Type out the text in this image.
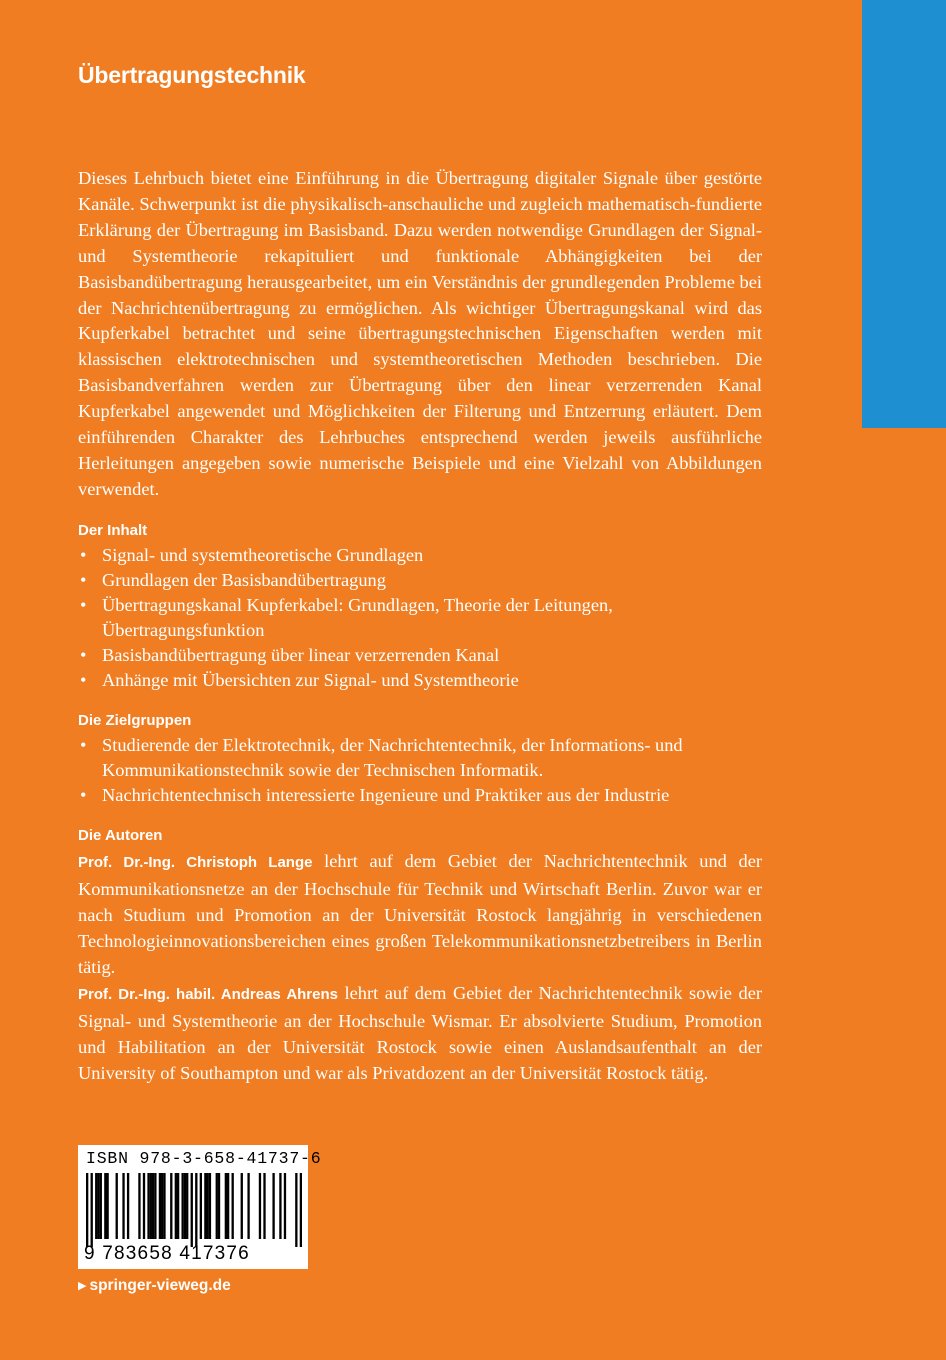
Übertragungstechnik

Dieses Lehrbuch bietet eine Einführung in die Übertragung digitaler Signale über gestörte Kanäle. Schwerpunkt ist die physikalisch-anschauliche und zugleich mathematisch-fundierte Erklärung der Übertragung im Basisband. Dazu werden notwendige Grundlagen der Signal- und Systemtheorie rekapituliert und funktionale Abhängigkeiten bei der Basisbandübertragung herausgearbeitet, um ein Verständnis der grundlegenden Probleme bei der Nachrichtenübertragung zu ermöglichen. Als wichtiger Übertragungskanal wird das Kupferkabel betrachtet und seine übertragungstechnischen Eigenschaften werden mit klassischen elektrotechnischen und systemtheoretischen Methoden beschrieben. Die Basisbandverfahren werden zur Übertragung über den linear verzerrenden Kanal Kupferkabel angewendet und Möglichkeiten der Filterung und Entzerrung erläutert. Dem einführenden Charakter des Lehrbuches entsprechend werden jeweils ausführliche Herleitungen angegeben sowie numerische Beispiele und eine Vielzahl von Abbildungen verwendet.

Der Inhalt
• Signal- und systemtheoretische Grundlagen
• Grundlagen der Basisbandübertragung
• Übertragungskanal Kupferkabel: Grundlagen, Theorie der Leitungen, Übertragungsfunktion
• Basisbandübertragung über linear verzerrenden Kanal
• Anhänge mit Übersichten zur Signal- und Systemtheorie
Die Zielgruppen
• Studierende der Elektrotechnik, der Nachrichtentechnik, der Informations- und Kommunikationstechnik sowie der Technischen Informatik.
• Nachrichtentechnisch interessierte Ingenieure und Praktiker aus der Industrie
Die Autoren

Prof. Dr.-Ing. Christoph Lange lehrt auf dem Gebiet der Nachrichtentechnik und der Kommunikationsnetze an der Hochschule für Technik und Wirtschaft Berlin. Zuvor war er nach Studium und Promotion an der Universität Rostock langjährig in verschiedenen Technologieinnovationsbereichen eines großen Telekommunikationsnetzbetreibers in Berlin tätig.

Prof. Dr.-Ing. habil. Andreas Ahrens lehrt auf dem Gebiet der Nachrichtentechnik sowie der Signal- und Systemtheorie an der Hochschule Wismar. Er absolvierte Studium, Promotion und Habilitation an der Universität Rostock sowie einen Auslandsaufenthalt an der University of Southampton und war als Privatdozent an der Universität Rostock tätig.

ISBN 978-3-658-41737-6
9 783658 417376
▶ springer-vieweg.de
